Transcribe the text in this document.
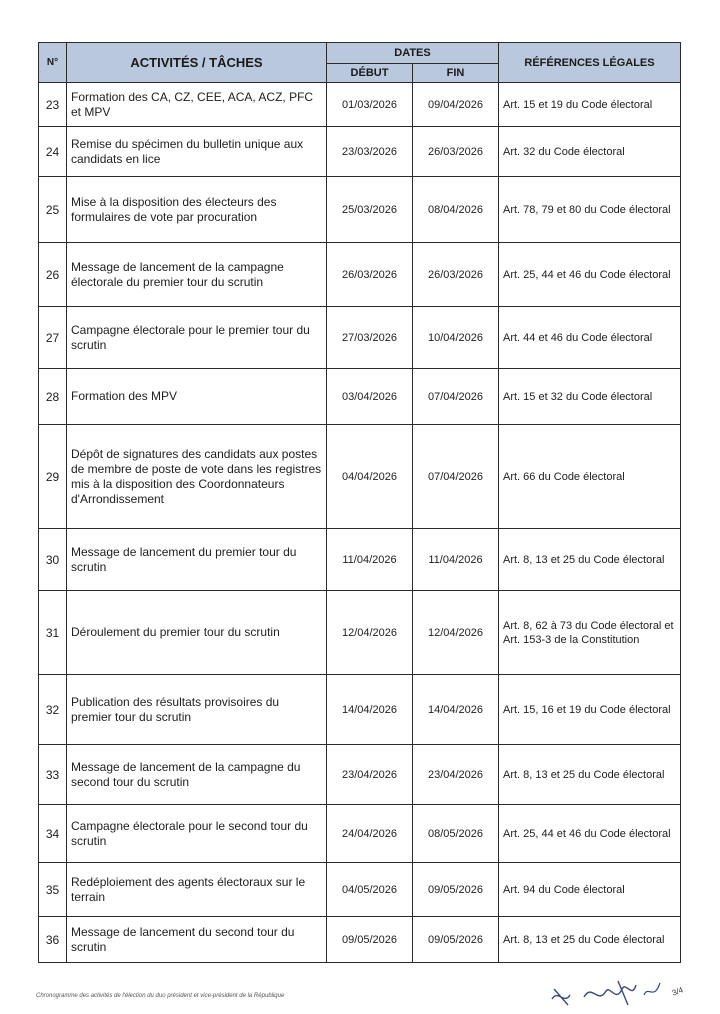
N°	ACTIVITÉS / TÂCHES	DATES		RÉFÉRENCES LÉGALES
		DÉBUT	FIN	
23	Formation des CA, CZ, CEE, ACA, ACZ, PFC et MPV	01/03/2026	09/04/2026	Art. 15 et 19 du Code électoral
24	Remise du spécimen du bulletin unique aux candidats en lice	23/03/2026	26/03/2026	Art. 32 du Code électoral
25	Mise à la disposition des électeurs des formulaires de vote par procuration	25/03/2026	08/04/2026	Art. 78, 79 et 80 du Code électoral
26	Message de lancement de la campagne électorale du premier tour du scrutin	26/03/2026	26/03/2026	Art. 25, 44 et 46 du Code électoral
27	Campagne électorale pour le premier tour du scrutin	27/03/2026	10/04/2026	Art. 44 et 46 du Code électoral
28	Formation des MPV	03/04/2026	07/04/2026	Art. 15 et 32 du Code électoral
29	Dépôt de signatures des candidats aux postes de membre de poste de vote dans les registres mis à la disposition des Coordonnateurs d'Arrondissement	04/04/2026	07/04/2026	Art. 66 du Code électoral
30	Message de lancement du premier tour du scrutin	11/04/2026	11/04/2026	Art. 8, 13 et 25 du Code électoral
31	Déroulement du premier tour du scrutin	12/04/2026	12/04/2026	Art. 8, 62 à 73 du Code électoral et Art. 153-3 de la Constitution
32	Publication des résultats provisoires du premier tour du scrutin	14/04/2026	14/04/2026	Art. 15, 16 et 19 du Code électoral
33	Message de lancement de la campagne du second tour du scrutin	23/04/2026	23/04/2026	Art. 8, 13 et 25 du Code électoral
34	Campagne électorale pour le second tour du scrutin	24/04/2026	08/05/2026	Art. 25, 44 et 46 du Code électoral
35	Redéploiement des agents électoraux sur le terrain	04/05/2026	09/05/2026	Art. 94 du Code électoral
36	Message de lancement du second tour du scrutin	09/05/2026	09/05/2026	Art. 8, 13 et 25 du Code électoral
Chronogramme des activités de l'élection du duo président et vice-président de la République	3/4
